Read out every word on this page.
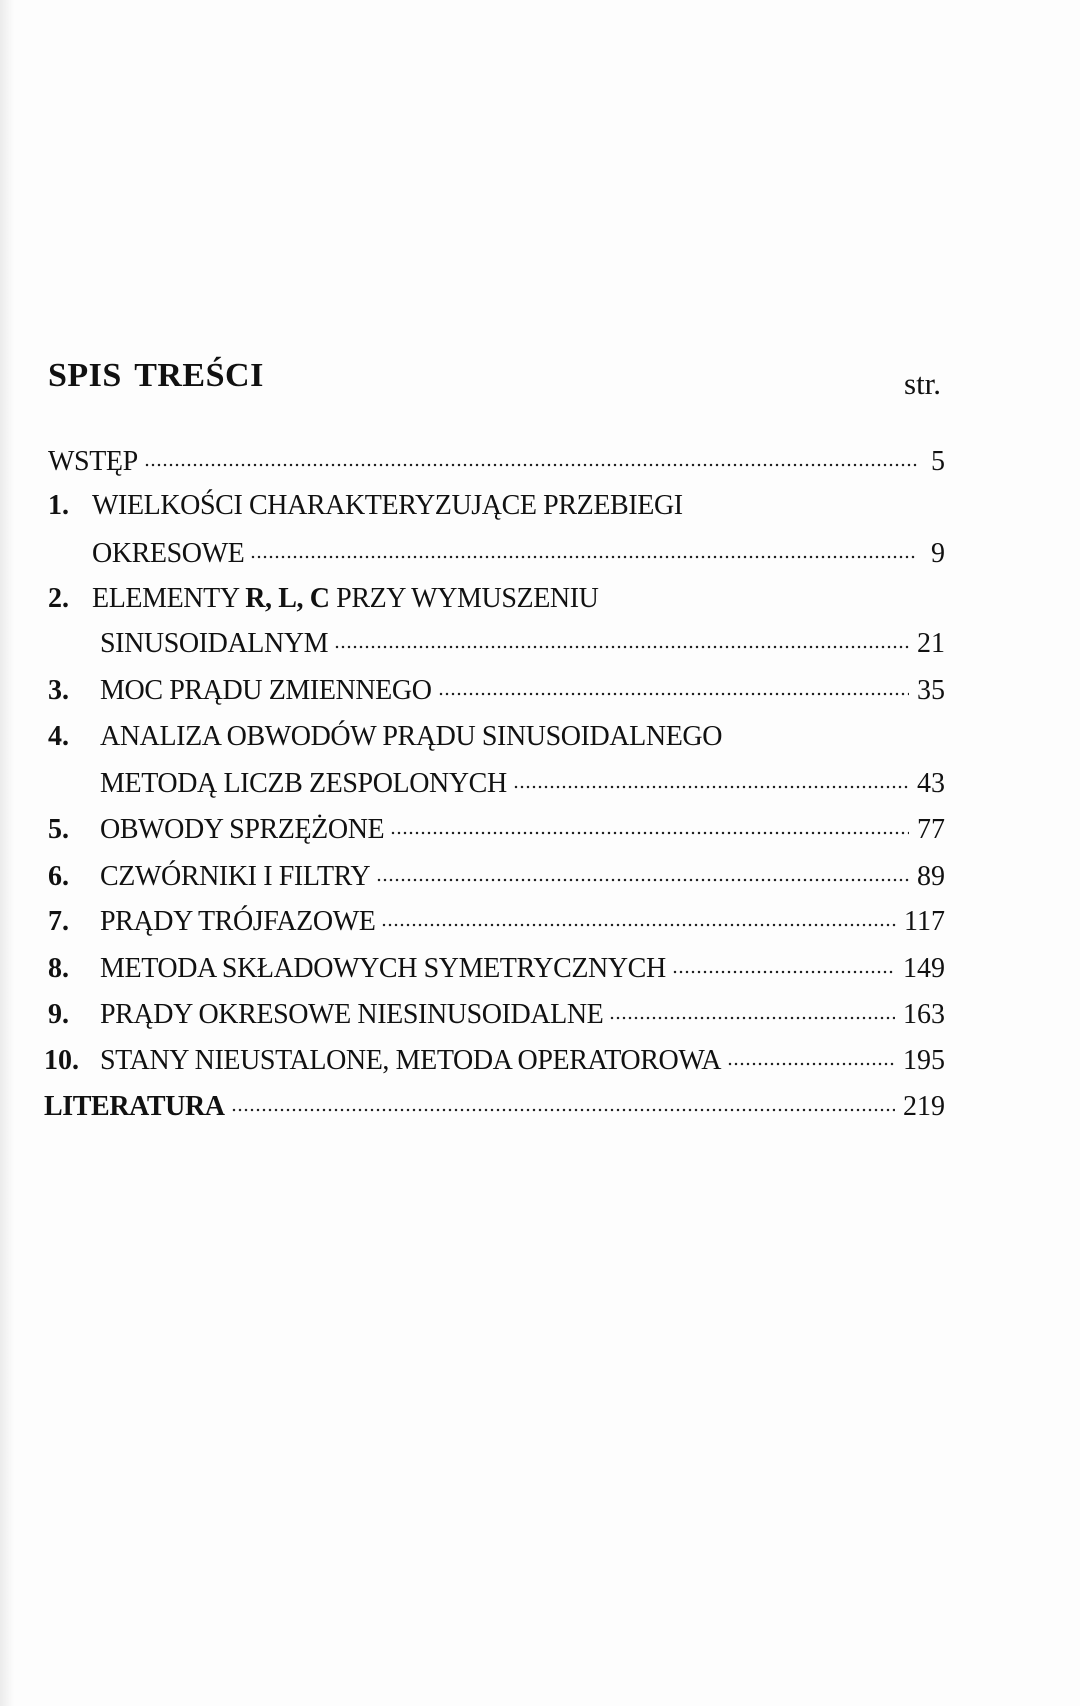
SPIS TREŚCI	str.
WSTĘP	5
1. WIELKOŚCI CHARAKTERYZUJĄCE PRZEBIEGI
OKRESOWE	9
2. ELEMENTY R, L, C PRZY WYMUSZENIU
SINUSOIDALNYM	21
3. MOC PRĄDU ZMIENNEGO	35
4. ANALIZA OBWODÓW PRĄDU SINUSOIDALNEGO
METODĄ LICZB ZESPOLONYCH	43
5. OBWODY SPRZĘŻONE	77
6. CZWÓRNIKI I FILTRY	89
7. PRĄDY TRÓJFAZOWE	117
8. METODA SKŁADOWYCH SYMETRYCZNYCH	149
9. PRĄDY OKRESOWE NIESINUSOIDALNE	163
10. STANY NIEUSTALONE, METODA OPERATOROWA	195
LITERATURA	219
